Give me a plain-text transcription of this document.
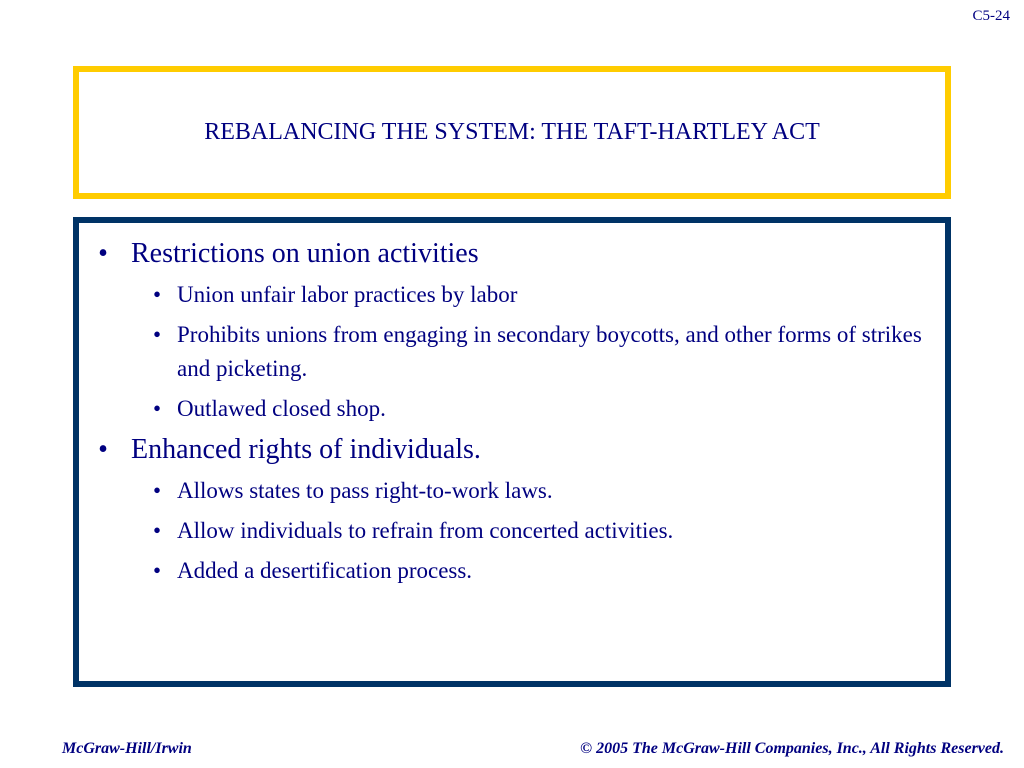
C5-24
REBALANCING THE SYSTEM: THE TAFT-HARTLEY ACT
• Restrictions on union activities
• Union unfair labor practices by labor
• Prohibits unions from engaging in secondary boycotts, and other forms of strikes and picketing.
• Outlawed closed shop.
• Enhanced rights of individuals.
• Allows states to pass right-to-work laws.
• Allow individuals to refrain from concerted activities.
• Added a desertification process.
McGraw-Hill/Irwin	© 2005 The McGraw-Hill Companies, Inc., All Rights Reserved.
